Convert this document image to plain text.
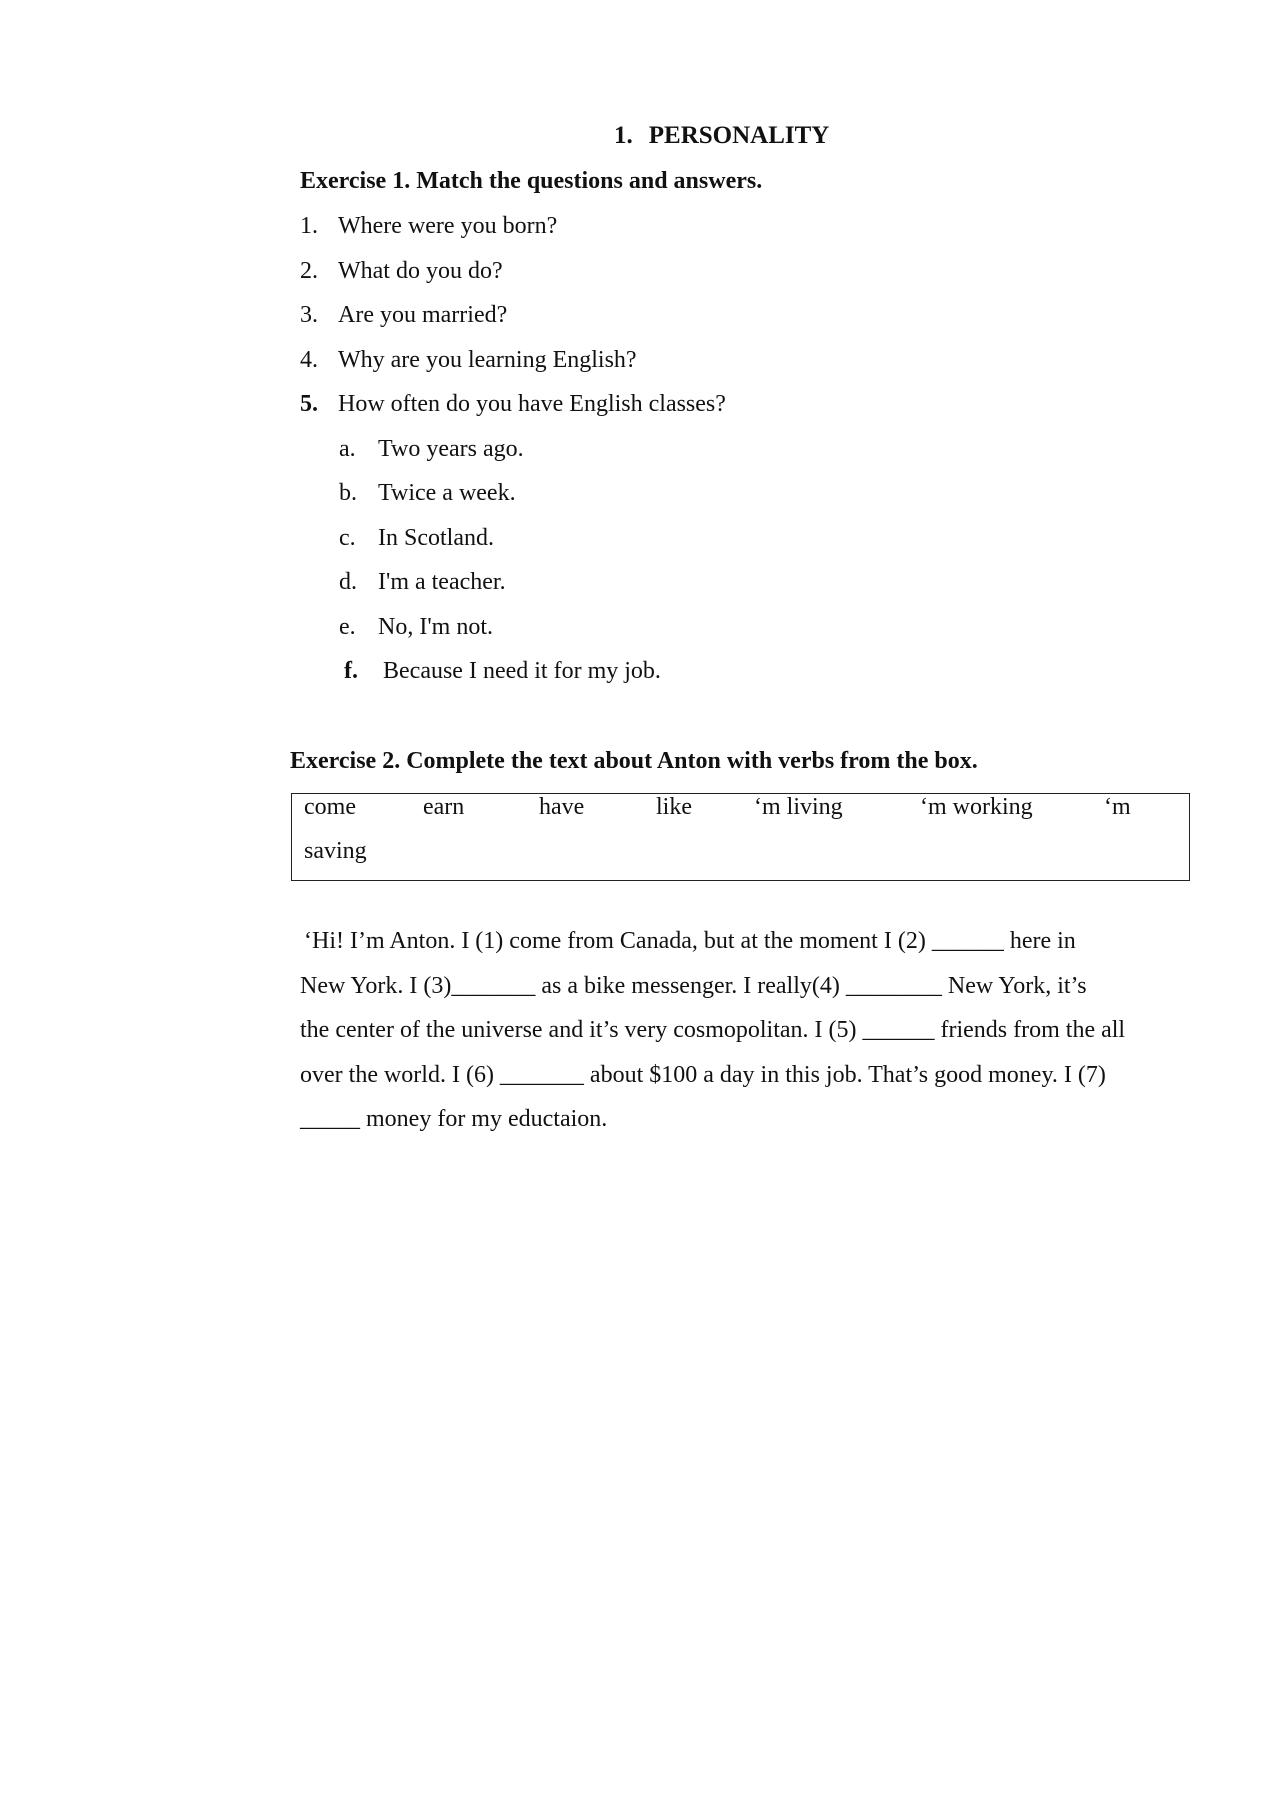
1. PERSONALITY
Exercise 1. Match the questions and answers.
1. Where were you born?
2. What do you do?
3. Are you married?
4. Why are you learning English?
5. How often do you have English classes?
a. Two years ago.
b. Twice a week.
c. In Scotland.
d. I'm a teacher.
e. No, I'm not.
f. Because I need it for my job.
Exercise 2. Complete the text about Anton with verbs from the box.
come	earn	have	like	‘m living	‘m working	‘m
saving
‘Hi! I’m Anton. I (1) come from Canada, but at the moment I (2) ______ here in
New York. I (3)_______ as a bike messenger. I really(4) ________ New York, it’s
the center of the universe and it’s very cosmopolitan. I (5) ______ friends from the all
over the world. I (6) _______ about $100 a day in this job. That’s good money. I (7)
_____ money for my eductaion.
